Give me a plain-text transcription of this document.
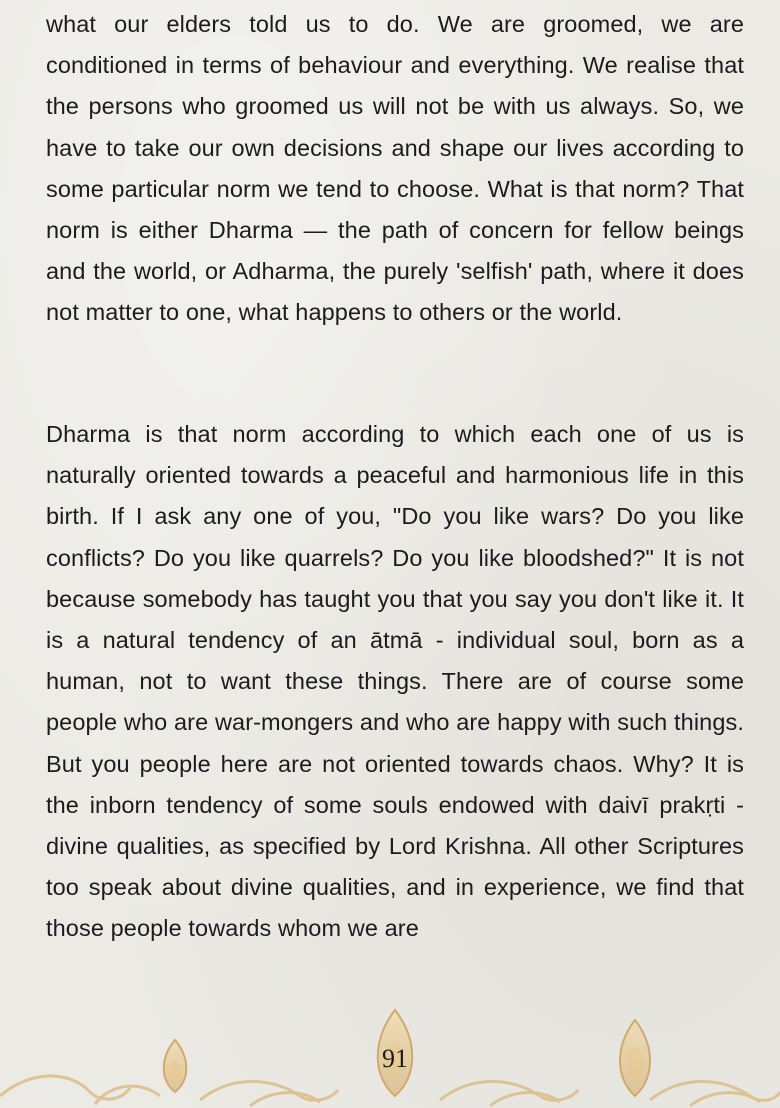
what our elders told us to do. We are groomed, we are conditioned in terms of behaviour and everything. We realise that the persons who groomed us will not be with us always. So, we have to take our own decisions and shape our lives according to some particular norm we tend to choose. What is that norm? That norm is either Dharma — the path of concern for fellow beings and the world, or Adharma, the purely 'selfish' path, where it does not matter to one, what happens to others or the world.

Dharma is that norm according to which each one of us is naturally oriented towards a peaceful and harmonious life in this birth. If I ask any one of you, "Do you like wars? Do you like conflicts? Do you like quarrels? Do you like bloodshed?" It is not because somebody has taught you that you say you don't like it. It is a natural tendency of an ātmā - individual soul, born as a human, not to want these things. There are of course some people who are war-mongers and who are happy with such things. But you people here are not oriented towards chaos. Why? It is the inborn tendency of some souls endowed with daivī prakṛti - divine qualities, as specified by Lord Krishna. All other Scriptures too speak about divine qualities, and in experience, we find that those people towards whom we are

91
